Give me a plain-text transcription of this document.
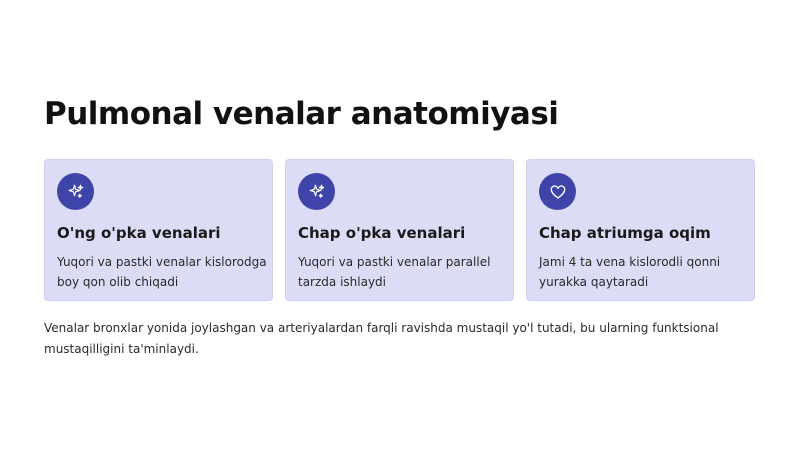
Pulmonal venalar anatomiyasi
O'ng o'pka venalari
Yuqori va pastki venalar kislorodga boy qon olib chiqadi
Chap o'pka venalari
Yuqori va pastki venalar parallel tarzda ishlaydi
Chap atriumga oqim
Jami 4 ta vena kislorodli qonni yurakka qaytaradi

Venalar bronxlar yonida joylashgan va arteriyalardan farqli ravishda mustaqil yo'l tutadi, bu ularning funktsional mustaqilligini ta'minlaydi.
